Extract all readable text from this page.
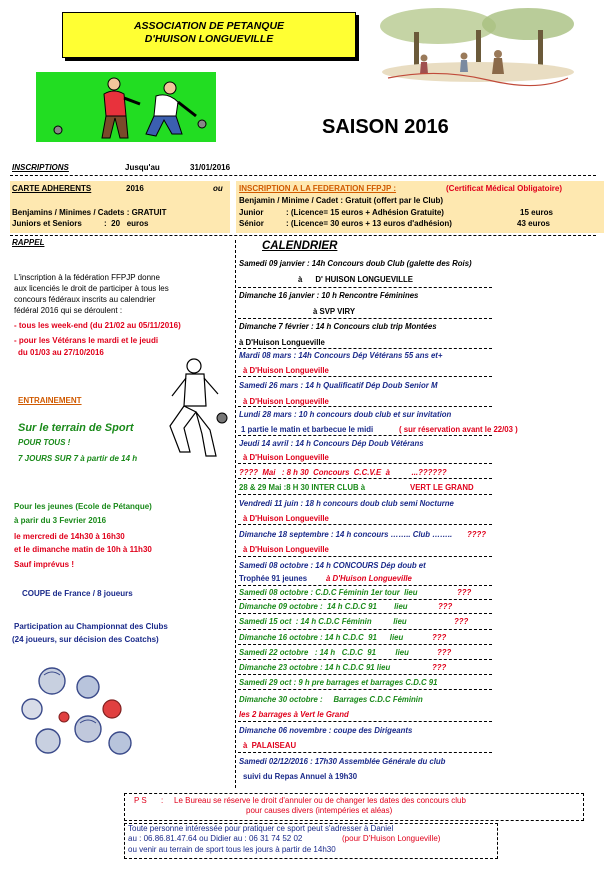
ASSOCIATION DE PETANQUE
D'HUISON LONGUEVILLE
SAISON 2016
INSCRIPTIONS	Jusqu'au	31/01/2016
CARTE ADHERENTS	2016	ou
Benjamins / Minimes / Cadets : GRATUIT
Juniors et Seniors          :  20   euros
INSCRIPTION A LA FEDERATION FFPJP :	(Certificat Médical Obligatoire)
Benjamin / Minime / Cadet : Gratuit (offert par le Club)
Junior	: (Licence= 15 euros + Adhésion Gratuite)	15 euros
Sénior	: (Licence= 30 euros + 13 euros d'adhésion)	43 euros
RAPPEL
L'inscription à la fédération FFPJP donne
aux licenciés le droit de participer à tous les
concours fédéraux inscrits au calendrier
fédéral 2016 qui se déroulent :
- tous les week-end (du 21/02 au 05/11/2016)
- pour les Vétérans le mardi et le jeudi
du 01/03 au 27/10/2016
ENTRAINEMENT
Sur le terrain de Sport
POUR TOUS !
7 JOURS SUR 7 à partir de 14 h
Pour les jeunes (Ecole de Pétanque)
à parir du 3 Fevrier 2016
le mercredi de 14h30 à 16h30
et le dimanche matin de 10h à 11h30
Sauf imprévus !
COUPE de France / 8 joueurs
Participation au Championnat des Clubs
(24 joueurs, sur décision des Coatchs)
CALENDRIER
Samedi 09 janvier : 14h Concours doub Club (galette des Rois)
à      D' HUISON LONGUEVILLE
Dimanche 16 janvier : 10 h Rencontre Féminines
à SVP VIRY
Dimanche 7 février : 14 h Concours club trip Montées
à D'Huison Longueville
Mardi 08 mars : 14h Concours Dép Vétérans 55 ans et+
à D'Huison Longueville
Samedi 26 mars : 14 h Qualificatif Dép Doub Senior M
à D'Huison Longueville
Lundi 28 mars : 10 h concours doub club et sur invitation
1 partie le matin et barbecue le midi	( sur réservation avant le 22/03 )
Jeudi 14 avril : 14 h Concours Dép Doub Vétérans
à D'Huison Longueville
????  Mai   : 8 h 30  Concours  C.C.V.E  à          ...??????
28 & 29 Mai :8 H 30 INTER CLUB à	VERT LE GRAND
Vendredi 11 juin : 18 h concours doub club semi Nocturne
à D'Huison Longueville
Dimanche 18 septembre : 14 h concours …….. Club …….. ????
à D'Huison Longueville
Samedi 08 octobre : 14 h CONCOURS Dép doub et
Trophée 91 jeunes à D'Huison Longueville
Samedi 08 octobre : C.D.C Féminin 1er tour  lieu	???
Dimanche 09 octobre :  14 h C.D.C 91        lieu	???
Samedi 15 oct  : 14 h C.D.C Féminin          lieu	???
Dimanche 16 octobre : 14 h C.D.C  91      lieu	???
Samedi 22 octobre   : 14 h   C.D.C  91         lieu	???
Dimanche 23 octobre : 14 h C.D.C 91 lieu	???
Samedi 29 oct : 9 h pre barrages et barrages C.D.C 91
Dimanche 30 octobre :     Barrages C.D.C Féminin
les 2 barrages à Vert le Grand
Dimanche 06 novembre : coupe des Dirigeants
à  PALAISEAU
Samedi 02/12/2016 : 17h30 Assemblée Générale du club
suivi du Repas Annuel à 19h30
P S : Le Bureau se réserve le droit d'annuler ou de changer les dates des concours club
pour causes divers (intempéries et aléas)
Toute personne intéressée pour pratiquer ce sport peut s'adresser à Daniel
au : 06.86.81.47.64 ou Didier au : 06 31 74 52 02	(pour D'Huison Longueville)
ou venir au terrain de sport tous les jours à partir de 14h30
